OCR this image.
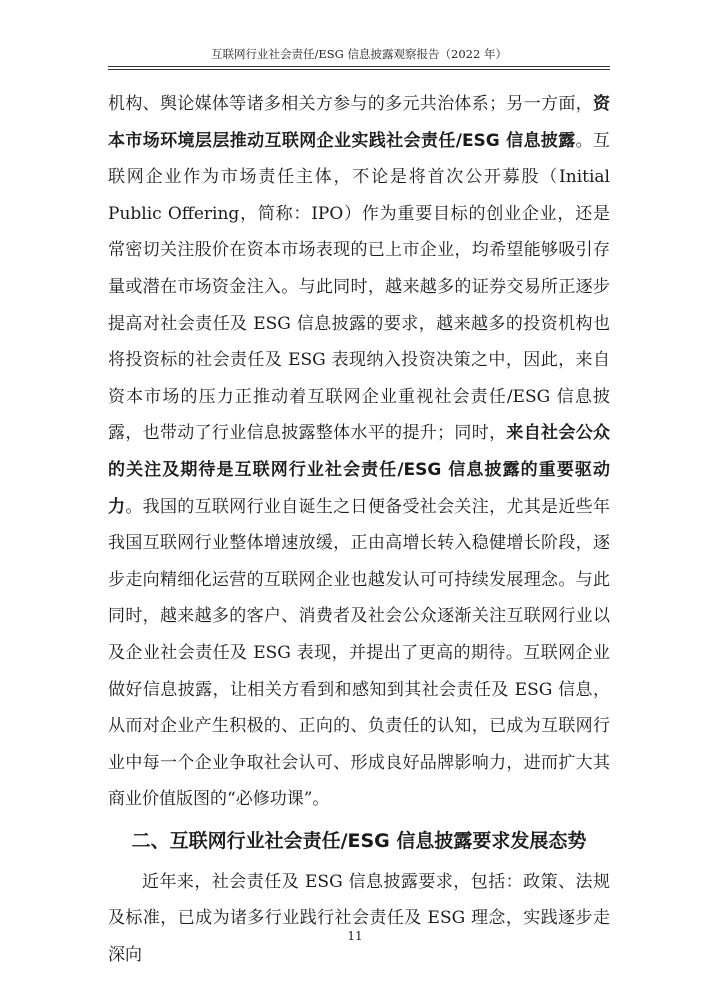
互联网行业社会责任/ESG 信息披露观察报告（2022 年）

机构、舆论媒体等诸多相关方参与的多元共治体系；另一方面，资本市场环境层层推动互联网企业实践社会责任/ESG 信息披露。互联网企业作为市场责任主体，不论是将首次公开募股（Initial Public Offering，简称：IPO）作为重要目标的创业企业，还是常密切关注股价在资本市场表现的已上市企业，均希望能够吸引存量或潜在市场资金注入。与此同时，越来越多的证券交易所正逐步提高对社会责任及 ESG 信息披露的要求，越来越多的投资机构也将投资标的社会责任及 ESG 表现纳入投资决策之中，因此，来自资本市场的压力正推动着互联网企业重视社会责任/ESG 信息披露，也带动了行业信息披露整体水平的提升；同时，来自社会公众的关注及期待是互联网行业社会责任/ESG 信息披露的重要驱动力。我国的互联网行业自诞生之日便备受社会关注，尤其是近些年我国互联网行业整体增速放缓，正由高增长转入稳健增长阶段，逐步走向精细化运营的互联网企业也越发认可可持续发展理念。与此同时，越来越多的客户、消费者及社会公众逐渐关注互联网行业以及企业社会责任及 ESG 表现，并提出了更高的期待。互联网企业做好信息披露，让相关方看到和感知到其社会责任及 ESG 信息，从而对企业产生积极的、正向的、负责任的认知，已成为互联网行业中每一个企业争取社会认可、形成良好品牌影响力，进而扩大其商业价值版图的“必修功课”。

二、互联网行业社会责任/ESG 信息披露要求发展态势

近年来，社会责任及 ESG 信息披露要求，包括：政策、法规及标准，已成为诸多行业践行社会责任及 ESG 理念，实践逐步走深向

11
